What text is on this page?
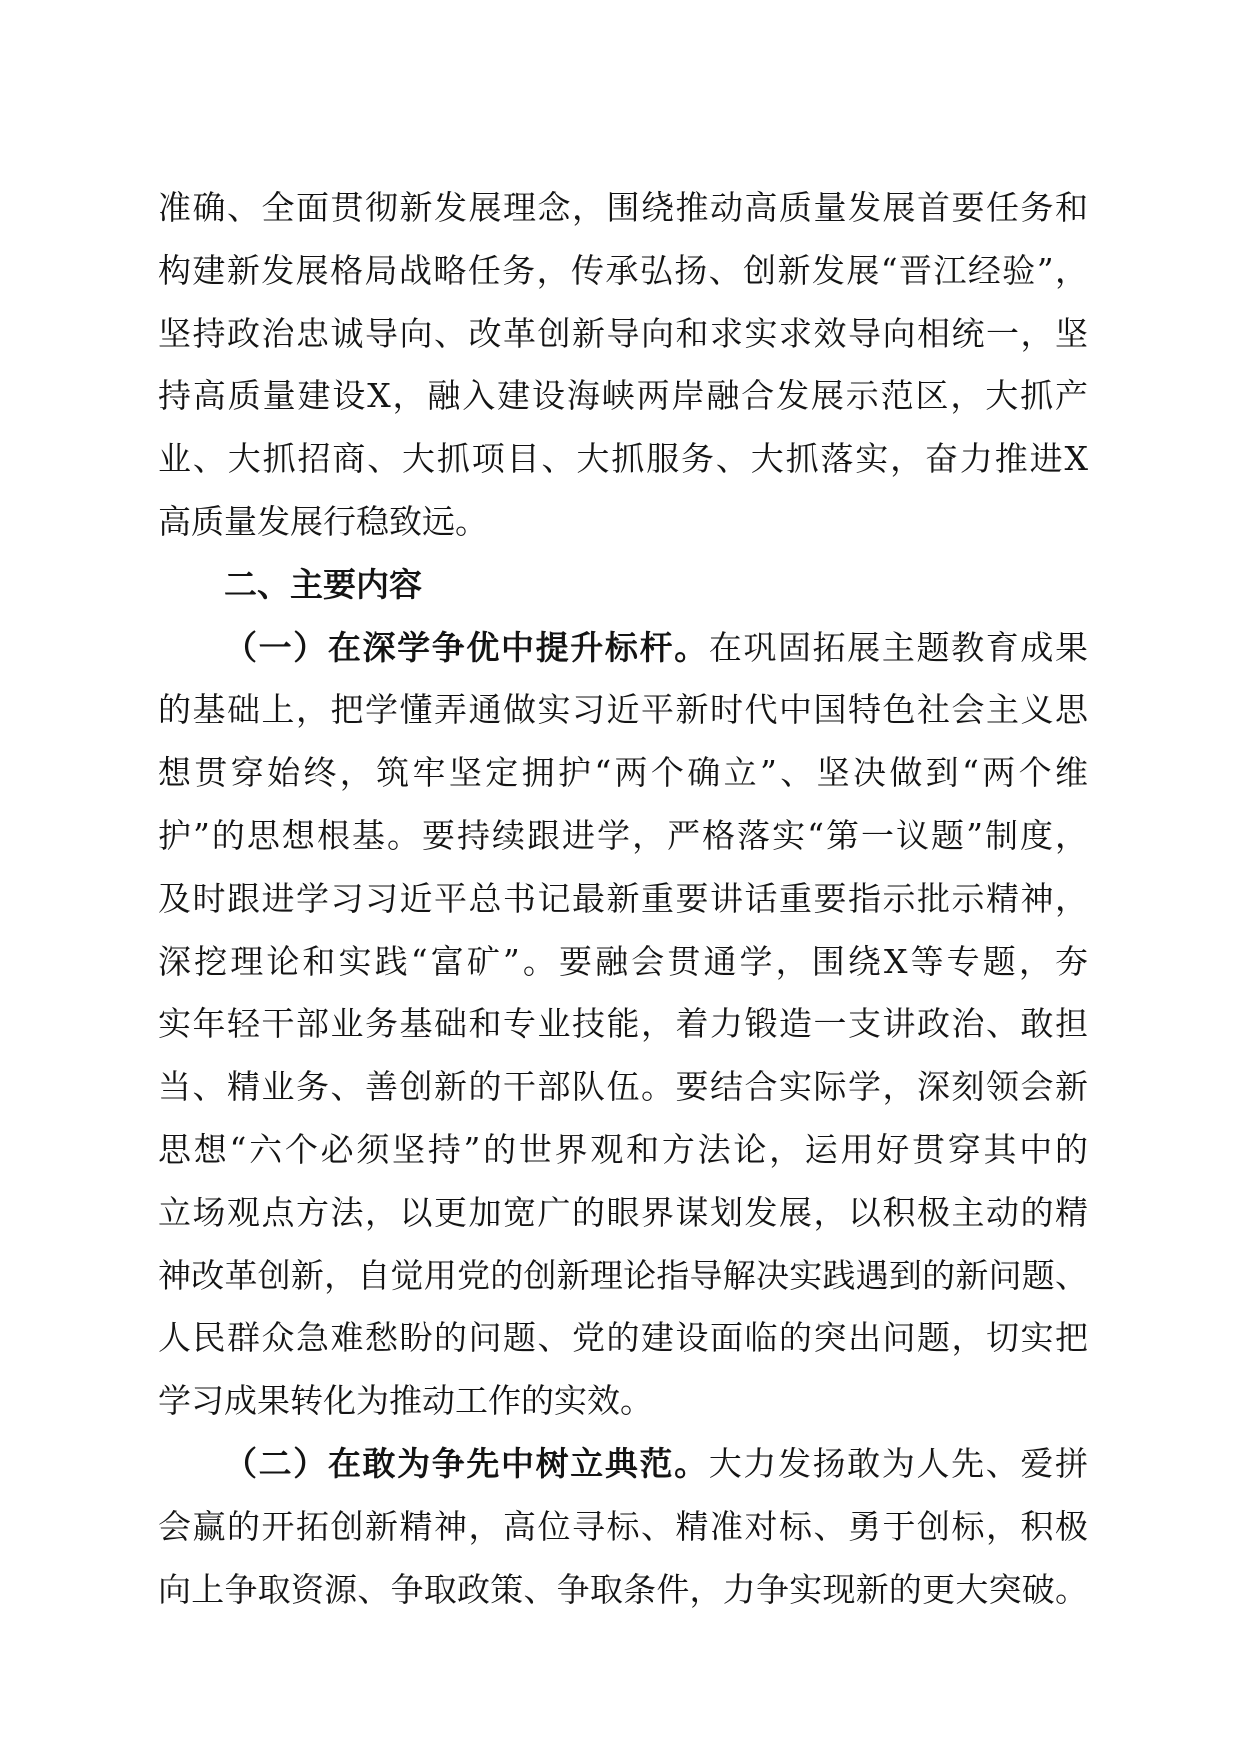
准确、全面贯彻新发展理念，围绕推动高质量发展首要任务和
构建新发展格局战略任务，传承弘扬、创新发展“晋江经验”，
坚持政治忠诚导向、改革创新导向和求实求效导向相统一，坚
持高质量建设X，融入建设海峡两岸融合发展示范区，大抓产
业、大抓招商、大抓项目、大抓服务、大抓落实，奋力推进X
高质量发展行稳致远。
二、主要内容
（一）在深学争优中提升标杆。在巩固拓展主题教育成果
的基础上，把学懂弄通做实习近平新时代中国特色社会主义思
想贯穿始终，筑牢坚定拥护“两个确立”、坚决做到“两个维
护”的思想根基。要持续跟进学，严格落实“第一议题”制度，
及时跟进学习习近平总书记最新重要讲话重要指示批示精神，
深挖理论和实践“富矿”。要融会贯通学，围绕X等专题，夯
实年轻干部业务基础和专业技能，着力锻造一支讲政治、敢担
当、精业务、善创新的干部队伍。要结合实际学，深刻领会新
思想“六个必须坚持”的世界观和方法论，运用好贯穿其中的
立场观点方法，以更加宽广的眼界谋划发展，以积极主动的精
神改革创新，自觉用党的创新理论指导解决实践遇到的新问题、
人民群众急难愁盼的问题、党的建设面临的突出问题，切实把
学习成果转化为推动工作的实效。
（二）在敢为争先中树立典范。大力发扬敢为人先、爱拼
会赢的开拓创新精神，高位寻标、精准对标、勇于创标，积极
向上争取资源、争取政策、争取条件，力争实现新的更大突破。
